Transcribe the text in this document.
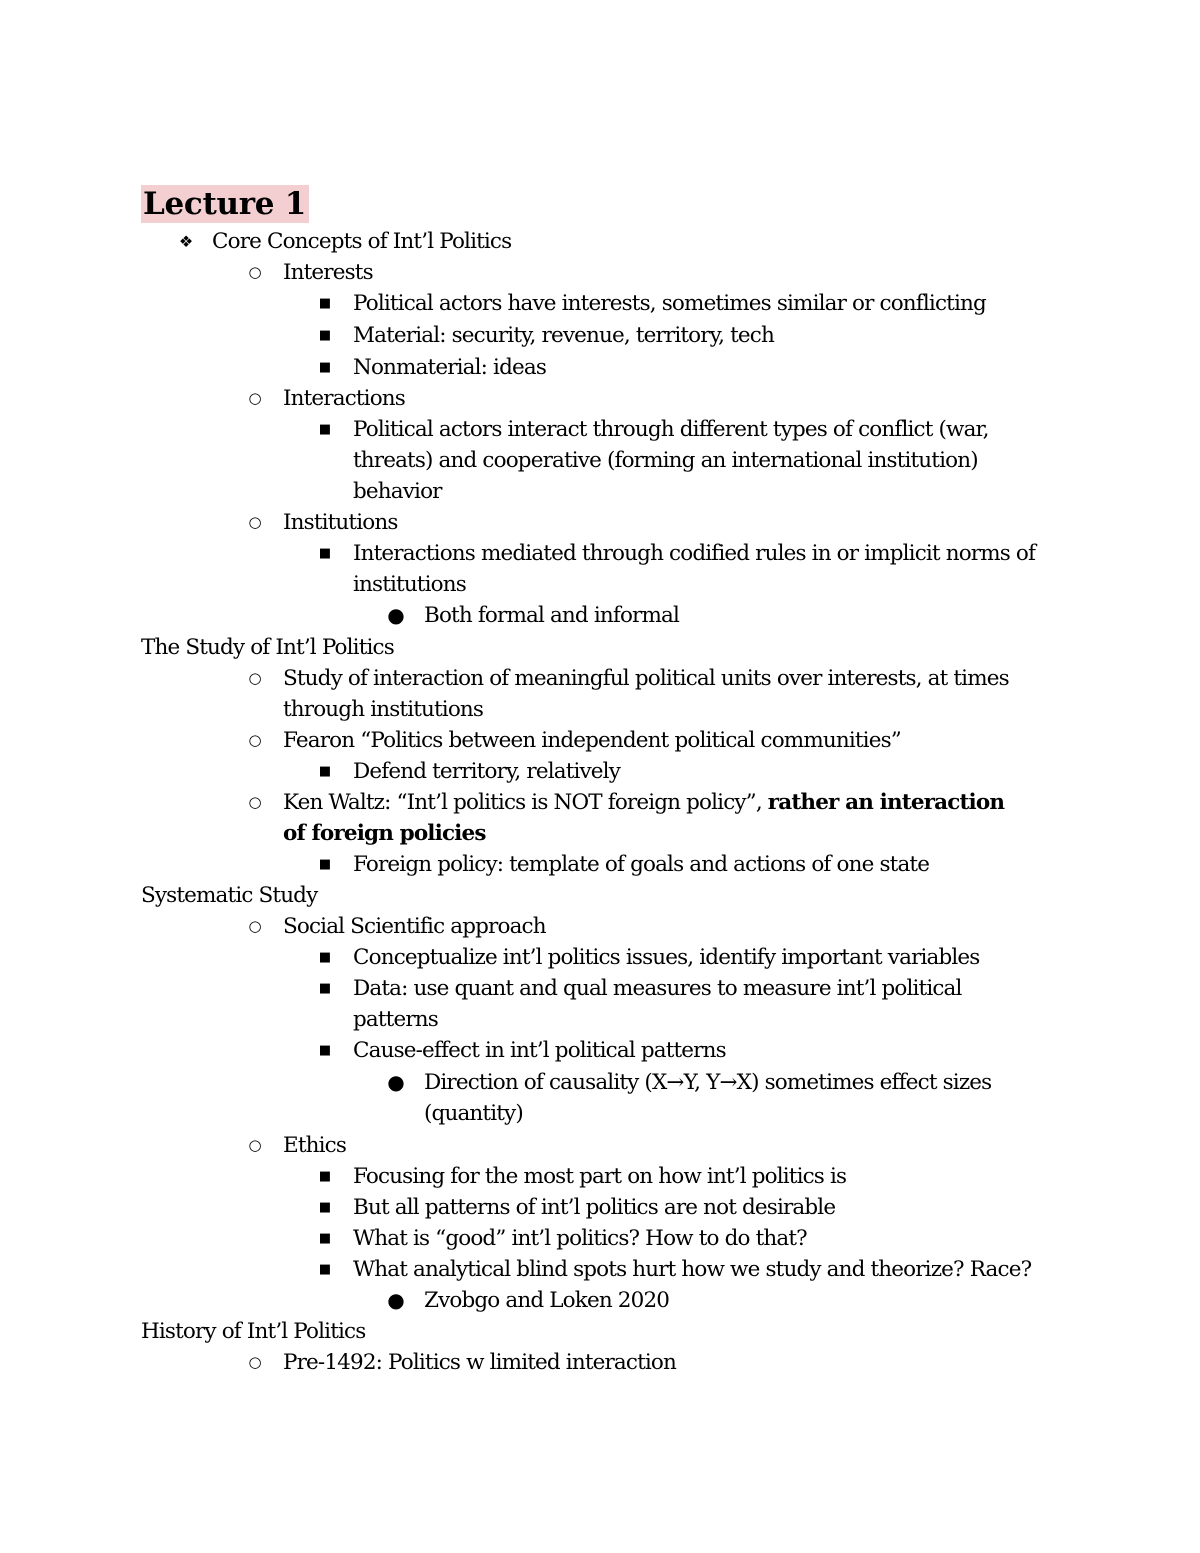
Lecture 1
❖ Core Concepts of Int’l Politics
○ Interests
■ Political actors have interests, sometimes similar or conflicting
■ Material: security, revenue, territory, tech
■ Nonmaterial: ideas
○ Interactions
■ Political actors interact through different types of conflict (war,
threats) and cooperative (forming an international institution)
behavior
○ Institutions
■ Interactions mediated through codified rules in or implicit norms of
institutions
● Both formal and informal
The Study of Int’l Politics
○ Study of interaction of meaningful political units over interests, at times
through institutions
○ Fearon “Politics between independent political communities”
■ Defend territory, relatively
○ Ken Waltz: “Int’l politics is NOT foreign policy”, rather an interaction
of foreign policies
■ Foreign policy: template of goals and actions of one state
Systematic Study
○ Social Scientific approach
■ Conceptualize int’l politics issues, identify important variables
■ Data: use quant and qual measures to measure int’l political
patterns
■ Cause-effect in int’l political patterns
● Direction of causality (X→Y, Y→X) sometimes effect sizes
(quantity)
○ Ethics
■ Focusing for the most part on how int’l politics is
■ But all patterns of int’l politics are not desirable
■ What is “good” int’l politics? How to do that?
■ What analytical blind spots hurt how we study and theorize? Race?
● Zvobgo and Loken 2020
History of Int’l Politics
○ Pre-1492: Politics w limited interaction
